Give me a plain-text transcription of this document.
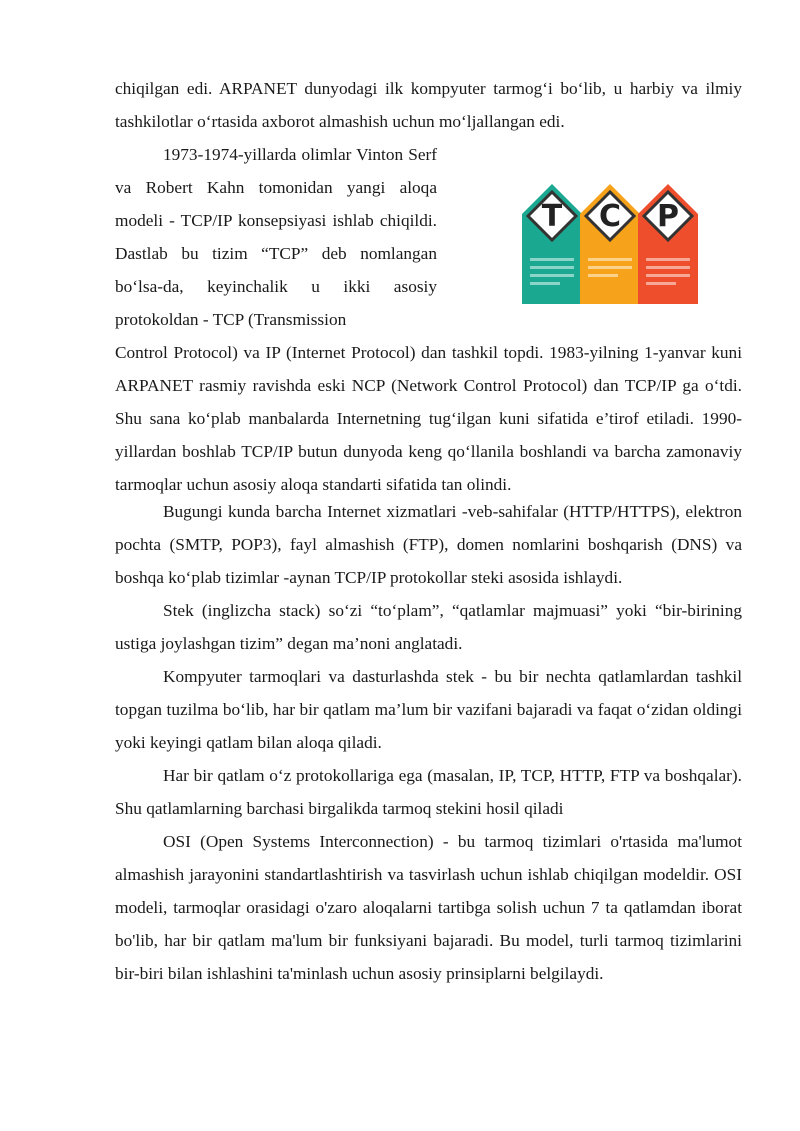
chiqilgan edi. ARPANET dunyodagi ilk kompyuter tarmog‘i bo‘lib, u harbiy va ilmiy tashkilotlar o‘rtasida axborot almashish uchun mo‘ljallangan edi.

1973-1974-yillarda olimlar Vinton Serf va Robert Kahn tomonidan yangi aloqa modeli - TCP/IP konsepsiyasi ishlab chiqildi. Dastlab bu tizim “TCP” deb nomlangan bo‘lsa-da, keyinchalik u ikki asosiy protokoldan - TCP (Transmission

T C P

Control Protocol) va IP (Internet Protocol) dan tashkil topdi. 1983-yilning 1-yanvar kuni ARPANET rasmiy ravishda eski NCP (Network Control Protocol) dan TCP/IP ga o‘tdi. Shu sana ko‘plab manbalarda Internetning tug‘ilgan kuni sifatida e’tirof etiladi. 1990-yillardan boshlab TCP/IP butun dunyoda keng qo‘llanila boshlandi va barcha zamonaviy tarmoqlar uchun asosiy aloqa standarti sifatida tan olindi.

Bugungi kunda barcha Internet xizmatlari -veb-sahifalar (HTTP/HTTPS), elektron pochta (SMTP, POP3), fayl almashish (FTP), domen nomlarini boshqarish (DNS) va boshqa ko‘plab tizimlar -aynan TCP/IP protokollar steki asosida ishlaydi.

Stek (inglizcha stack) so‘zi “to‘plam”, “qatlamlar majmuasi” yoki “bir-birining ustiga joylashgan tizim” degan ma’noni anglatadi.

Kompyuter tarmoqlari va dasturlashda stek - bu bir nechta qatlamlardan tashkil topgan tuzilma bo‘lib, har bir qatlam ma’lum bir vazifani bajaradi va faqat o‘zidan oldingi yoki keyingi qatlam bilan aloqa qiladi.

Har bir qatlam o‘z protokollariga ega (masalan, IP, TCP, HTTP, FTP va boshqalar). Shu qatlamlarning barchasi birgalikda tarmoq stekini hosil qiladi

OSI (Open Systems Interconnection) - bu tarmoq tizimlari o'rtasida ma'lumot almashish jarayonini standartlashtirish va tasvirlash uchun ishlab chiqilgan modeldir. OSI modeli, tarmoqlar orasidagi o'zaro aloqalarni tartibga solish uchun 7 ta qatlamdan iborat bo'lib, har bir qatlam ma'lum bir funksiyani bajaradi. Bu model, turli tarmoq tizimlarini bir-biri bilan ishlashini ta'minlash uchun asosiy prinsiplarni belgilaydi.
